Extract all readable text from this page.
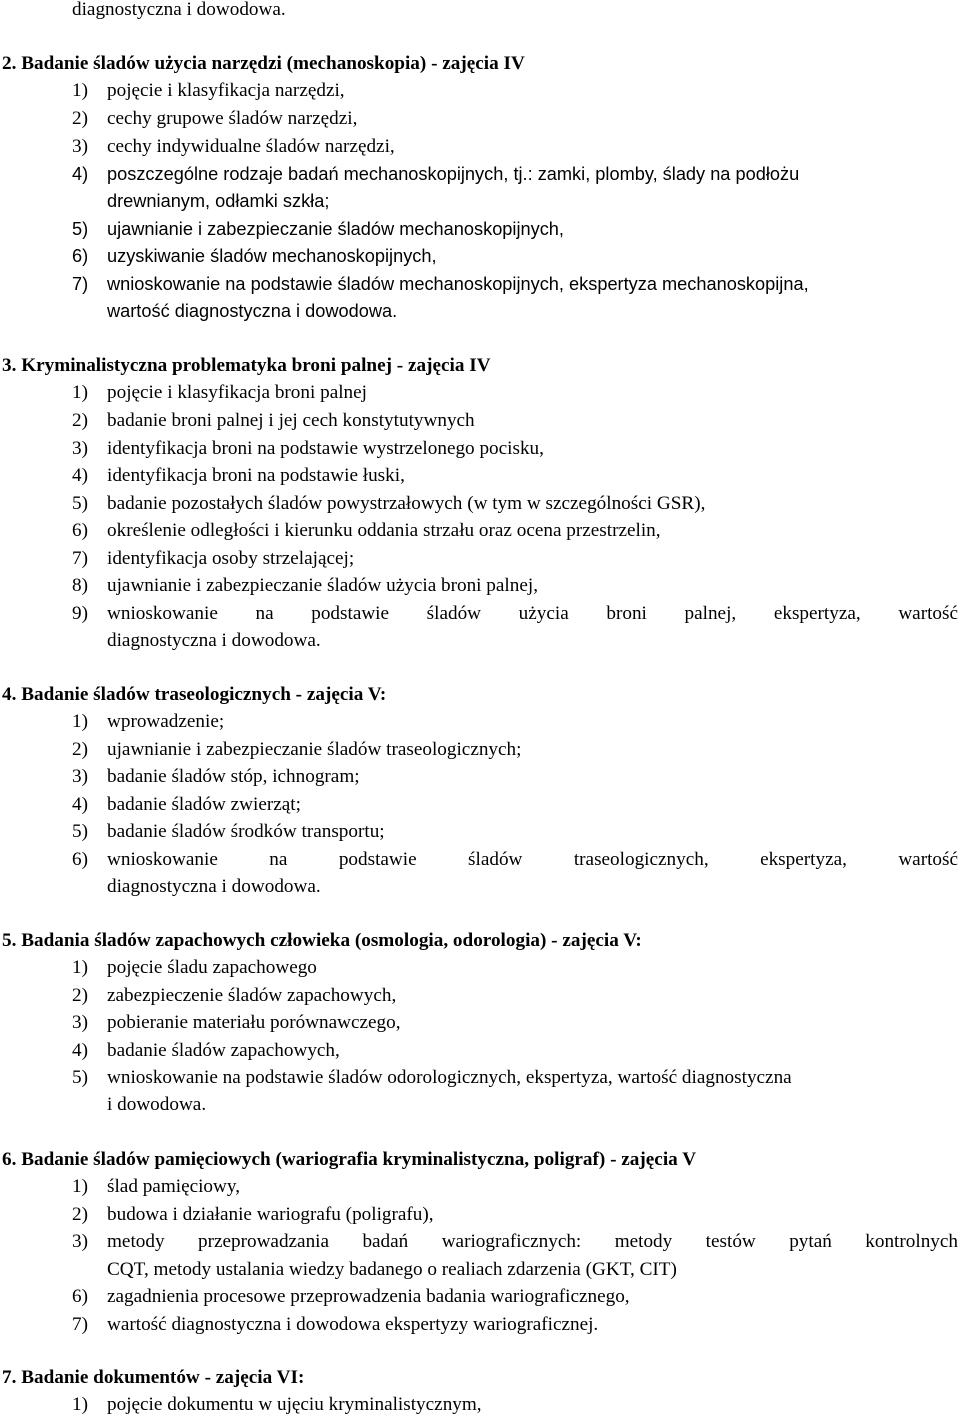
diagnostyczna i dowodowa.
2. Badanie śladów użycia narzędzi (mechanoskopia) - zajęcia IV
1) pojęcie i klasyfikacja narzędzi,
2) cechy grupowe śladów narzędzi,
3) cechy indywidualne śladów narzędzi,
4)	poszczególne rodzaje badań mechanoskopijnych, tj.: zamki, plomby, ślady na podłożu
drewnianym, odłamki szkła;
5)	ujawnianie i zabezpieczanie śladów mechanoskopijnych,
6)	uzyskiwanie śladów mechanoskopijnych,
7)	wnioskowanie na podstawie śladów mechanoskopijnych, ekspertyza mechanoskopijna,
wartość diagnostyczna i dowodowa.
3. Kryminalistyczna problematyka broni palnej - zajęcia IV
1) pojęcie i klasyfikacja broni palnej
2) badanie broni palnej i jej cech konstytutywnych
3) identyfikacja broni na podstawie wystrzelonego pocisku,
4) identyfikacja broni na podstawie łuski,
5) badanie pozostałych śladów powystrzałowych (w tym w szczególności GSR),
6) określenie odległości i kierunku oddania strzału oraz ocena przestrzelin,
7) identyfikacja osoby strzelającej;
8) ujawnianie i zabezpieczanie śladów użycia broni palnej,
9) wnioskowanie na podstawie śladów użycia broni palnej, ekspertyza, wartość
diagnostyczna i dowodowa.
4. Badanie śladów traseologicznych - zajęcia V:
1) wprowadzenie;
2) ujawnianie i zabezpieczanie śladów traseologicznych;
3) badanie śladów stóp, ichnogram;
4) badanie śladów zwierząt;
5) badanie śladów środków transportu;
6) wnioskowanie na podstawie śladów traseologicznych, ekspertyza, wartość
diagnostyczna i dowodowa.
5. Badania śladów zapachowych człowieka (osmologia, odorologia) - zajęcia V:
1) pojęcie śladu zapachowego
2) zabezpieczenie śladów zapachowych,
3) pobieranie materiału porównawczego,
4) badanie śladów zapachowych,
5) wnioskowanie na podstawie śladów odorologicznych, ekspertyza, wartość diagnostyczna
i dowodowa.
6. Badanie śladów pamięciowych (wariografia kryminalistyczna, poligraf) - zajęcia V
1) ślad pamięciowy,
2) budowa i działanie wariografu (poligrafu),
3) metody przeprowadzania badań wariograficznych: metody testów pytań kontrolnych
CQT, metody ustalania wiedzy badanego o realiach zdarzenia (GKT, CIT)
6) zagadnienia procesowe przeprowadzenia badania wariograficznego,
7) wartość diagnostyczna i dowodowa ekspertyzy wariograficznej.
7. Badanie dokumentów - zajęcia VI:
1) pojęcie dokumentu w ujęciu kryminalistycznym,
